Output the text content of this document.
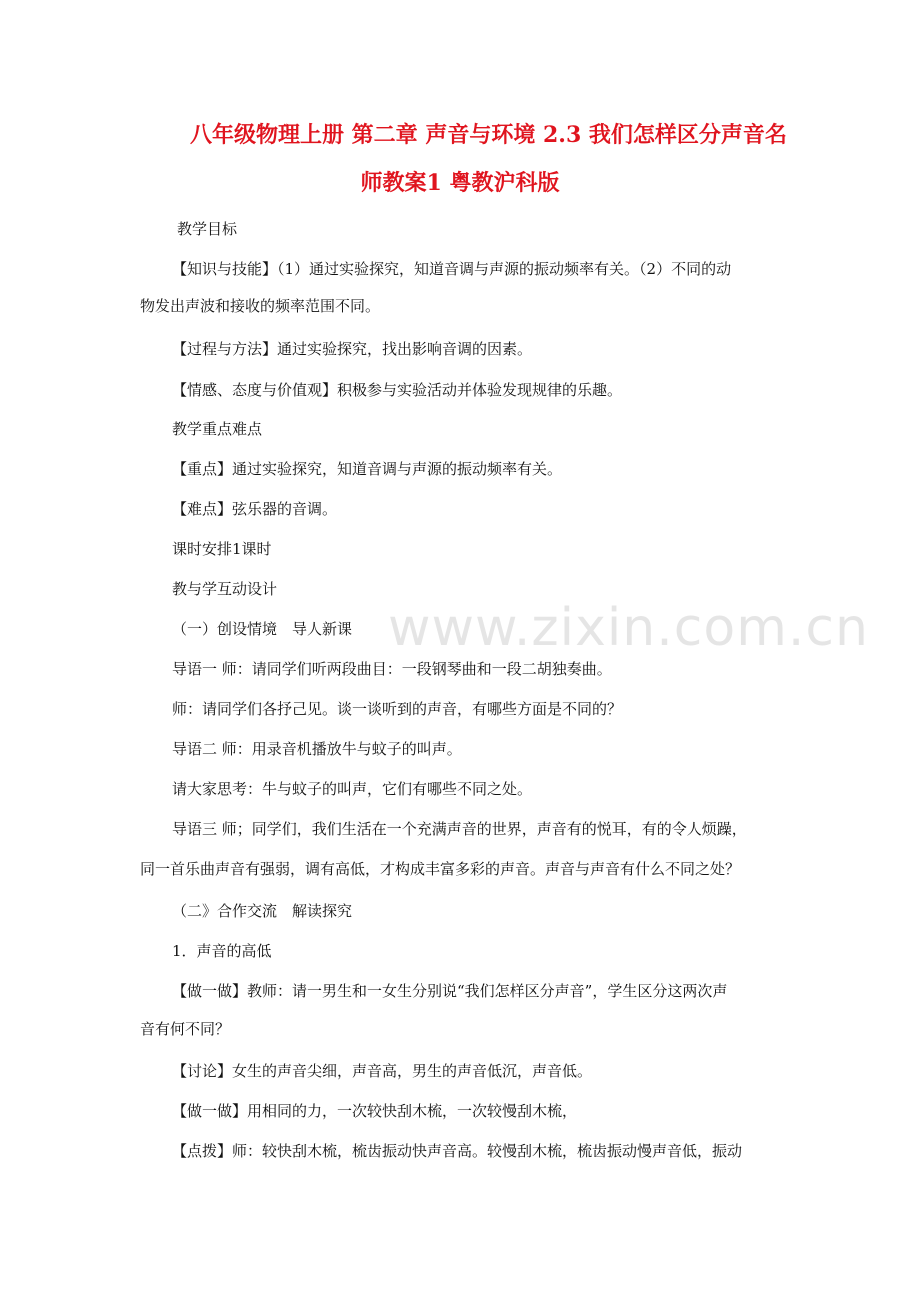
八年级物理上册 第二章 声音与环境 2.3 我们怎样区分声音名
师教案1 粤教沪科版
教学目标
【知识与技能】（1）通过实验探究，知道音调与声源的振动频率有关。（2）不同的动
物发出声波和接收的频率范围不同。
【过程与方法】通过实验探究，找出影响音调的因素。
【情感、态度与价值观】积极参与实验活动并体验发现规律的乐趣。
教学重点难点
【重点】通过实验探究，知道音调与声源的振动频率有关。
【难点】弦乐器的音调。
课时安排1课时
教与学互动设计
（一）创设情境　导人新课
导语一 师：请同学们听两段曲目：一段钢琴曲和一段二胡独奏曲。
师：请同学们各抒己见。谈一谈听到的声音，有哪些方面是不同的？
导语二 师：用录音机播放牛与蚊子的叫声。
请大家思考：牛与蚊子的叫声，它们有哪些不同之处。
导语三 师；同学们，我们生活在一个充满声音的世界，声音有的悦耳，有的令人烦躁，
同一首乐曲声音有强弱，调有高低，才构成丰富多彩的声音。声音与声音有什么不同之处？
（二》合作交流　解读探究
1．声音的高低
【做一做】教师：请一男生和一女生分别说“我们怎样区分声音”，学生区分这两次声
音有何不同？
【讨论】女生的声音尖细，声音高，男生的声音低沉，声音低。
【做一做】用相同的力，一次较快刮木梳，一次较慢刮木梳，
【点拨】师：较快刮木梳，梳齿振动快声音高。较慢刮木梳，梳齿振动慢声音低，振动
www.zixin.com.cn
